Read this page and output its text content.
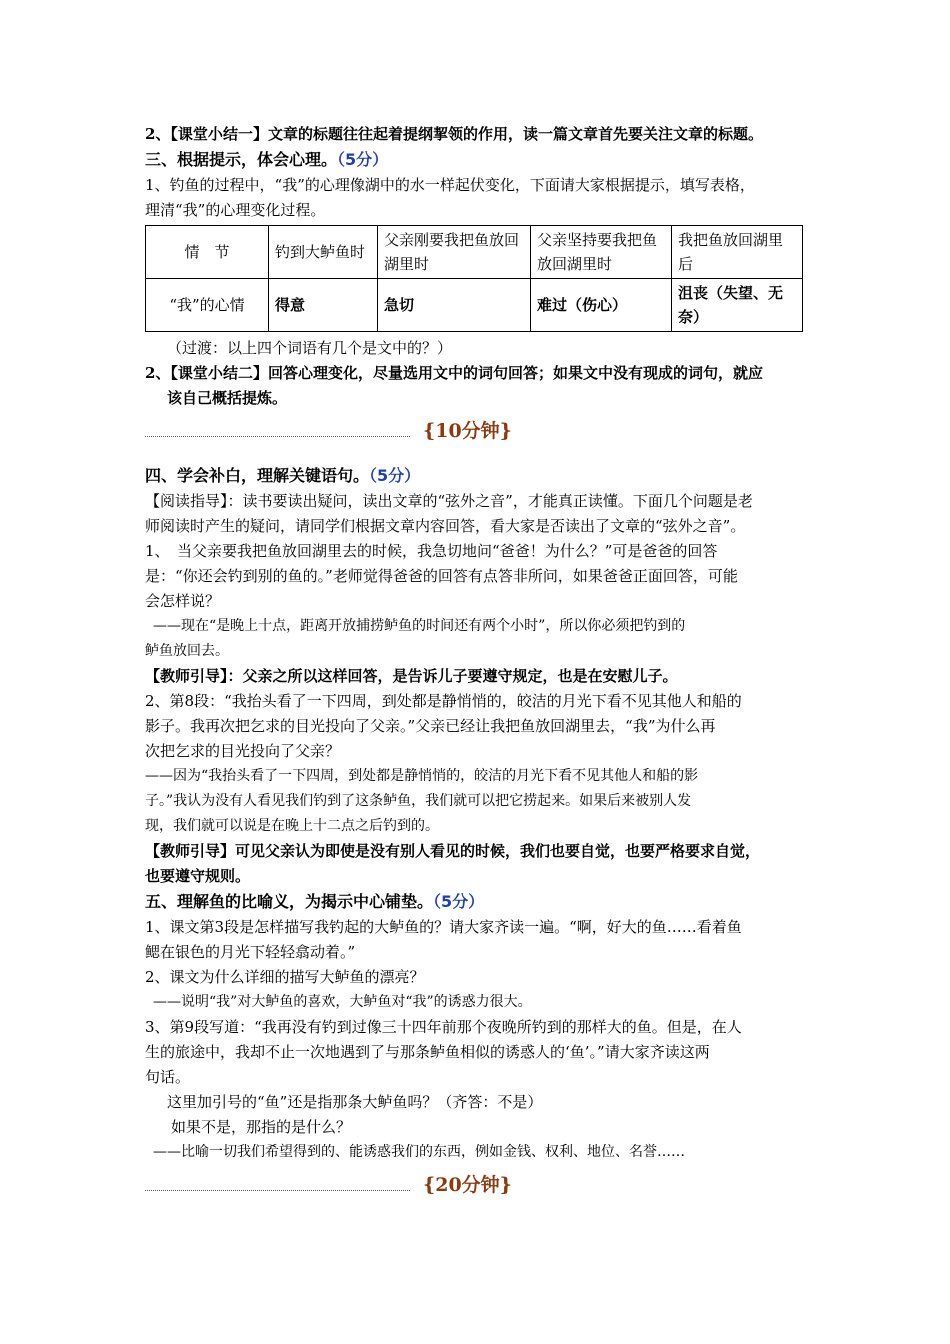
2、【课堂小结一】文章的标题往往起着提纲挈领的作用，读一篇文章首先要关注文章的标题。
三、根据提示，体会心理。（5分）
1、钓鱼的过程中，“我”的心理像湖中的水一样起伏变化，下面请大家根据提示，填写表格，
理清“我”的心理变化过程。
情　节	钓到大鲈鱼时	父亲刚要我把鱼放回湖里时	父亲坚持要我把鱼放回湖里时	我把鱼放回湖里后
“我”的心情	得意	急切	难过（伤心）	沮丧（失望、无奈）
（过渡：以上四个词语有几个是文中的？）
2、【课堂小结二】回答心理变化，尽量选用文中的词句回答；如果文中没有现成的词句，就应
该自己概括提炼。
{10分钟}
四、学会补白，理解关键语句。（5分）
【阅读指导】：读书要读出疑问，读出文章的“弦外之音”，才能真正读懂。下面几个问题是老
师阅读时产生的疑问，请同学们根据文章内容回答，看大家是否读出了文章的“弦外之音”。
1、　当父亲要我把鱼放回湖里去的时候，我急切地问“爸爸！为什么？”可是爸爸的回答
是：“你还会钓到别的鱼的。”老师觉得爸爸的回答有点答非所问，如果爸爸正面回答，可能
会怎样说？
——现在“是晚上十点，距离开放捕捞鲈鱼的时间还有两个小时”，所以你必须把钓到的
鲈鱼放回去。
【教师引导】：父亲之所以这样回答，是告诉儿子要遵守规定，也是在安慰儿子。
2、第8段：“我抬头看了一下四周，到处都是静悄悄的，皎洁的月光下看不见其他人和船的
影子。我再次把乞求的目光投向了父亲。”父亲已经让我把鱼放回湖里去，“我”为什么再
次把乞求的目光投向了父亲？
——因为“我抬头看了一下四周，到处都是静悄悄的，皎洁的月光下看不见其他人和船的影
子。”我认为没有人看见我们钓到了这条鲈鱼，我们就可以把它捞起来。如果后来被别人发
现，我们就可以说是在晚上十二点之后钓到的。
【教师引导】可见父亲认为即使是没有别人看见的时候，我们也要自觉，也要严格要求自觉，
也要遵守规则。
五、理解鱼的比喻义，为揭示中心铺垫。（5分）
1、课文第3段是怎样描写我钓起的大鲈鱼的？请大家齐读一遍。“啊，好大的鱼……看着鱼
鳃在银色的月光下轻轻翕动着。”
2、课文为什么详细的描写大鲈鱼的漂亮？
——说明“我”对大鲈鱼的喜欢，大鲈鱼对“我”的诱惑力很大。
3、第9段写道：“我再没有钓到过像三十四年前那个夜晚所钓到的那样大的鱼。但是，在人
生的旅途中，我却不止一次地遇到了与那条鲈鱼相似的诱惑人的‘鱼’。”请大家齐读这两
句话。
这里加引号的“鱼”还是指那条大鲈鱼吗？（齐答：不是）
如果不是，那指的是什么？
——比喻一切我们希望得到的、能诱惑我们的东西，例如金钱、权利、地位、名誉……
{20分钟}
